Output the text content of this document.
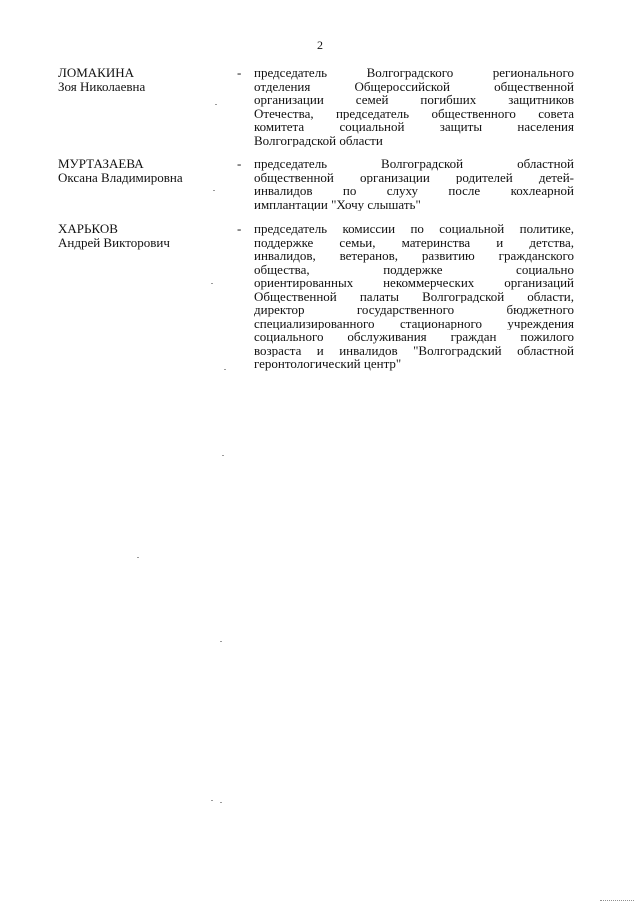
2
ЛОМАКИНА
Зоя Николаевна
- председатель Волгоградского регионального
отделения Общероссийской общественной
организации семей погибших защитников
Отечества, председатель общественного совета
комитета социальной защиты населения
Волгоградской области
МУРТАЗАЕВА
Оксана Владимировна
- председатель Волгоградской областной
общественной организации родителей детей-
инвалидов по слуху после кохлеарной
имплантации "Хочу слышать"
ХАРЬКОВ
Андрей Викторович
- председатель комиссии по социальной политике,
поддержке семьи, материнства и детства,
инвалидов, ветеранов, развитию гражданского
общества, поддержке социально
ориентированных некоммерческих организаций
Общественной палаты Волгоградской области,
директор государственного бюджетного
специализированного стационарного учреждения
социального обслуживания граждан пожилого
возраста и инвалидов "Волгоградский областной
геронтологический центр"
